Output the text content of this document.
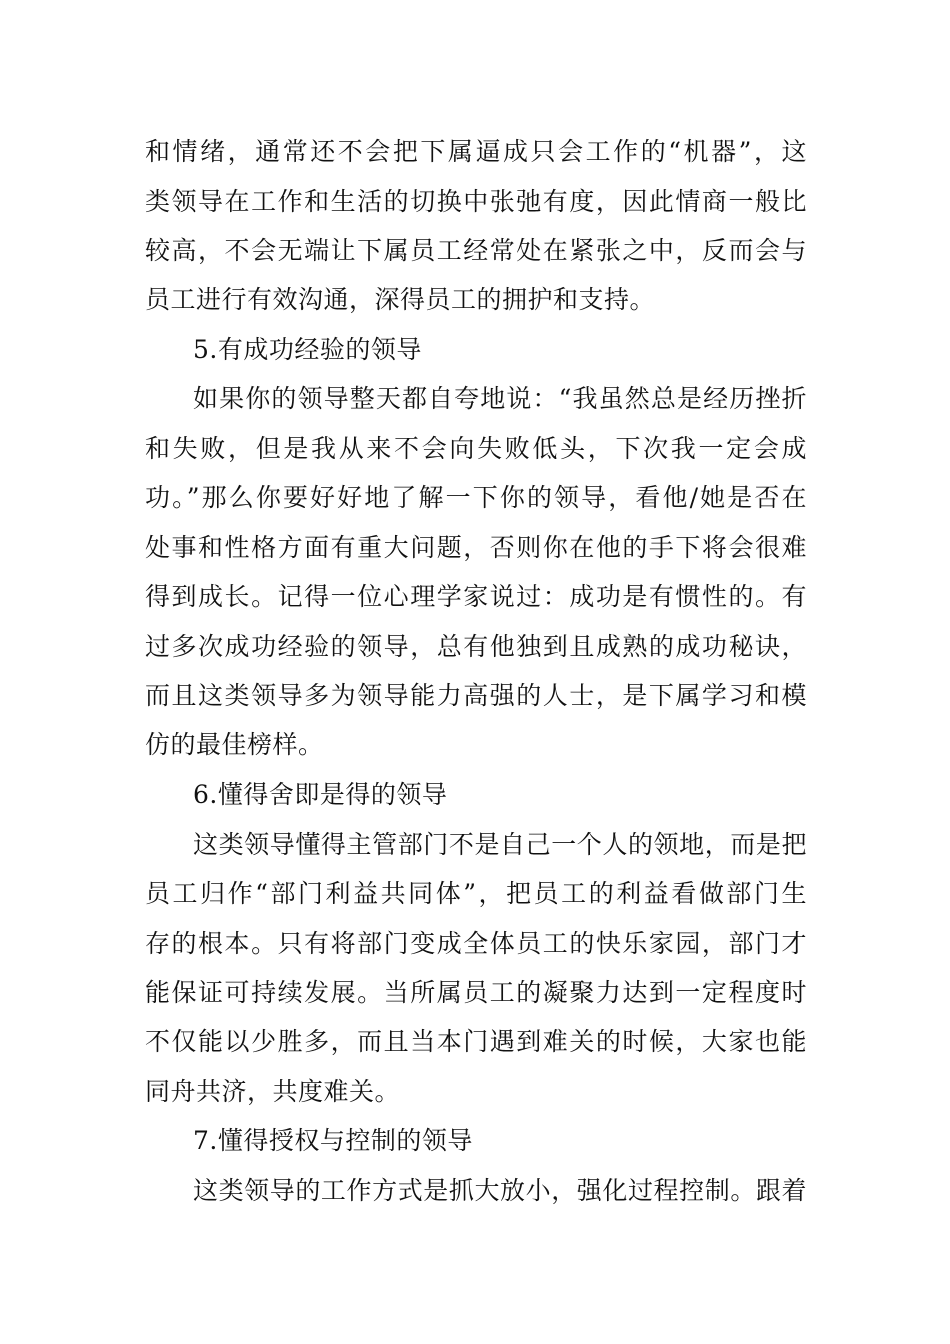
和情绪，通常还不会把下属逼成只会工作的“机器”，这
类领导在工作和生活的切换中张弛有度，因此情商一般比
较高，不会无端让下属员工经常处在紧张之中，反而会与
员工进行有效沟通，深得员工的拥护和支持。
5.有成功经验的领导
如果你的领导整天都自夸地说：“我虽然总是经历挫折
和失败，但是我从来不会向失败低头，下次我一定会成
功。”那么你要好好地了解一下你的领导，看他/她是否在
处事和性格方面有重大问题，否则你在他的手下将会很难
得到成长。记得一位心理学家说过：成功是有惯性的。有
过多次成功经验的领导，总有他独到且成熟的成功秘诀，
而且这类领导多为领导能力高强的人士，是下属学习和模
仿的最佳榜样。
6.懂得舍即是得的领导
这类领导懂得主管部门不是自己一个人的领地，而是把
员工归作“部门利益共同体”，把员工的利益看做部门生
存的根本。只有将部门变成全体员工的快乐家园，部门才
能保证可持续发展。当所属员工的凝聚力达到一定程度时
不仅能以少胜多，而且当本门遇到难关的时候，大家也能
同舟共济，共度难关。
7.懂得授权与控制的领导
这类领导的工作方式是抓大放小，强化过程控制。跟着
